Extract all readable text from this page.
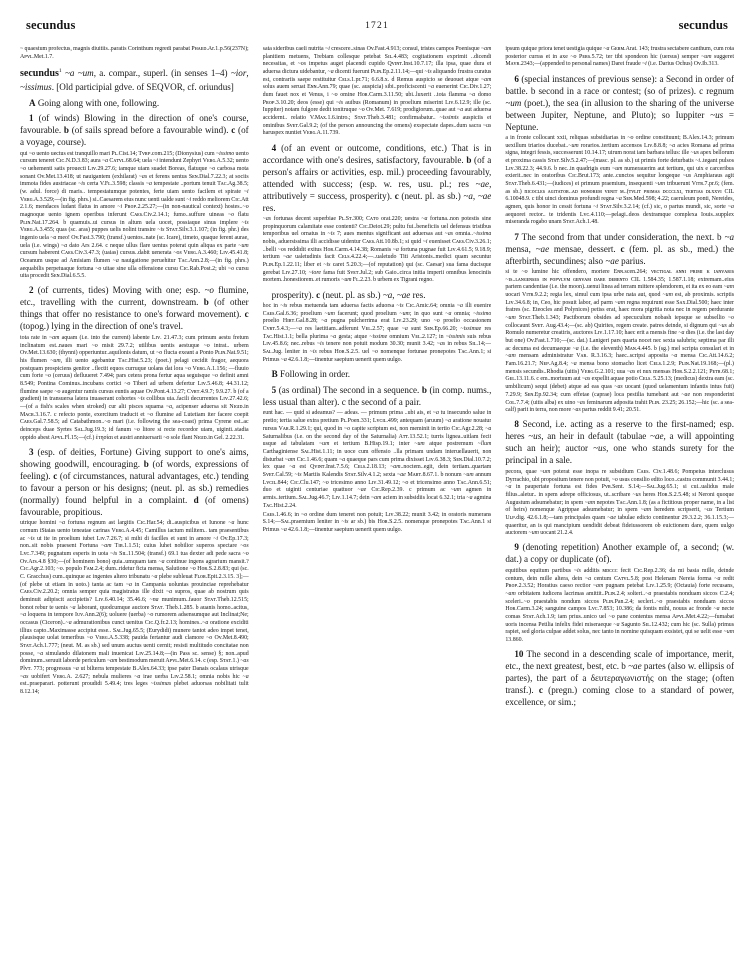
secundus	1721	secundus
~ quaestum profectus, magnis diuitiis..paratis Corinthum regredi parabat Pʜᴀᴇᴅ.Ar.1.p.56(237N); Aᴘᴠʟ.Met.1.7.
secundus$^1$ ~a ~um, a. compar., superl. (in senses 1–4) ~ior, ~issimus. [Old participial gdve. of SEQVOR, cf. oriundus]
A Going along with one, following.
1 (of winds) Blowing in the direction of one's course, favourable. b (of sails spread before a favourable wind). c (of a voyage, course).
qui ~o uento uectus est tranquillo mari Pʟ.Cist.14; Tᴠʀᴘ.com.215; (Dionysius) cum ~issimo uento cursum teneret Cɪᴄ.N.D.3.83; aura ~a Cᴀᴛᴠʟ.68.64; uela ~i intendunt Zephyri Vᴇʀɢ.A.5.32; uento ~o uehementi satis prouecti Lɪᴠ.29.27.6; iamque uiam suadet Boreas, flatuque ~o carbosa mota sonant Ov.Met.13.418; ut nauigantem (exhilarat) ~as et ferens uentus Sᴇɴ.Dial.7.22.3; at sociis immota fides austriacae ~is certa V.Fʟ.3.598; classis ~a tempestate ..portum tenuit Tᴀᴄ.Ag.38.5; (w. adul. force) di maris.. tempestatumque potentes, ferte uiam uento facilem et spirate ~i Vᴇʀɢ.A.3.529;—(in fig. phrs.) si..Caesarem eius nunc uenti ualde sunt ~i reddo meliorem Cɪᴄ.Att 2.1.6; mendaces ludant flatus in amore ~i Pʀᴏᴘ.2.25.27;—(in non-nautical context) hostes..~o magnoque uento ignem operibus inferunt Cᴀᴇs.Civ.2.14.1; fumo..suffure uineas ~o flatu Pʟɪɴ.Nat.17.264. b quamuis..ui cursus in altum uela uocet, possiaque sinus implere ~is Vᴇʀɢ.A.3.455; quas (sc. aras) puppes uelis nolint transire ~is Sᴛᴀᴛ.Silv.3.1.107; (in fig. phr.) des ingenio uela ~a meo! Ov.Fast.3.790; (transf.) uentos..nate (sc. Icare), timeto, quaque ferent aurae, uela (i.e. wings) ~a dato Ars 2.64. c neque ullus flare uentus poterat quin aliqua ex parte ~um cursum haberent Cᴀᴇs.Civ.3.47.3; (uaias) cursus..dabit uenerata ~os Vᴇʀɢ.A.3.460; Lɪᴠ.45.41.8; Oceanum usque ad Amisiam flumen ~a nauigatione peruehitur Tᴀᴄ.Ann.2.8;—(in fig. phrs.) aequabilis perpetuaque fortuna ~o uitae sine ulla offensione cursu Cɪᴄ.Rab.Post.2; ubi ~o cursu uita procedit Sᴇɴ.Dial.6.5.5.
2 (of currents, tides) Moving with one; esp. ~o flumine, etc., travelling with the current, downstream. b (of other things that offer no resistance to one's forward movement). c (topog.) lying in the direction of one's travel.
tota rate in ~am aquam (i.e. into the current) labente Lɪᴠ. 21.47.3; cum primum aestu fretum inclinatum est..naues mari ~o misit 29.7.2; utilibus uentis aestuque ~o intrat.. urbem Ov.Met.13.630; (thynni) opperiuntur..aquilonis datum, ut ~o flucta exeant a Ponto Pʟɪɴ.Nat.9.51; his flumen ~um, illi uento agebantur Tᴀᴄ.Hist.5.23; (poet.) pelagi cecidit fragor, aequora postquam prospiciens genitor ..flectit equos curruque uolans dat lora ~o Vᴇʀɢ.A.1.156; —fluuio cum forte ~o (ceruus) defluueret 7.494; pars cetera prona fertur aqua seguisque ~o definit amni 8.549; Pontina Cominus..incubans cortici ~o Tiberi ad urbem defertur Lɪᴠ.5.46.8; 44.31.12; flumine saepe ~o augentur ramis cursus euntis aquae Ov.Pont.4.13.27; Cᴠʀᴛ.4.9.7; 9.9.27. b (of a gradient) in transuersa latera inuaserant cohortes ~is collibus uia..facili decurrentes Lɪᴠ.27.42.6;—(of a fish's scales when stroked) cur alii pisces squama ~a, acipenser aduersa sit Nɪɢɪᴅ.in Mᴀᴄʀ.3.16.7. c refecto ponte, exercitum traducit et ~o flumine ad Lutetiam iter facere coepit Cᴀᴇs.Gal.7.58.5; ad Catabathmon..~o mari (i.e. following the sea-coast) prima Cyrene est..ac deinceps duae Syrtes Sᴀʟ.Jug.19.3; id fanum ~o litore si recte recordor uiam, uiginti..stadia oppido abest Aᴘᴠʟ.Fl.15;—(cf.) ἑτησίαι et austri anniuersarii ~o sole flant Nɪɢɪᴅ.in Gel. 2.22.31.
3 (esp. of deities, Fortune) Giving support to one's aims, showing goodwill, encouraging. b (of words, expressions of feeling). c (of circumstances, natural advantages, etc.) tending to favour a person or his designs; (neut. pl. as sb.) remedies (normally) found helpful in a complaint. d (of omens) favourable, propitious.
utrique homini ~a fortuna regnum ast largitis Cɪᴄ.Har.54; di..auspicibus et Iunone ~a hunc cornum iStaias uento teneatae carinas Vᴇʀɢ.A.4.45; Camillus iactum militem.. tam praesentibus ac ~is ut ite in proelium iubet Lɪᴠ.7.26.7; si mihi di facilles et sunt in amore ~i Ov.Ep.17.3; non..sit nobis praesent Fortuna ~am Tɪʙ.1.1.51; cuius luhet nobilior superos spectare ~os Lᴠᴄ.7.349; pugnatum esperis in uota ~is Sɪʟ.11.504; (transf.) 69.1 tua dexter adi pede sacra ~o Ov.Ars.4.8 §30;—(of hominem bono) quia..umquam tam ~a continue ingens agrarium mansit.? Cɪᴄ.Agr.2.103; ~o. populo Fᴀᴍ.2.4; dum..ridetur ficta mensa, Salutione ~o Hᴏʀ.S.2.8.83; qui (sc. C. Gracchus) cum..quinque ac ingentes altero tribunatu ~a plebe subleuat Fʟᴏʀ.Epit.2.3.15. 3];—(of plebe ut etiam in uoto.) tanta ac tam ~a in Campania uoluntas prouinciae reprehebatur Cᴀᴇs.Civ.2.20.2; omnia semper quia magistratus ille dixit ~a supros, quae ab nostrum quis deminuit adipiscit accipietis? Lɪᴠ.6.40.14; 35.46.6; ~na munimum..fauor Sᴛᴀᴛ.Theb.12.515; bonot rebur te uenis ~a laborant, quodcumque auctore Sᴛᴀᴛ. Theb.1.285. b auanis homo..acitus, ~a loquens in tempore Iᴜᴠ.Ann.2(6); uoluere (uerba) ~o rumorem adsensumque aut Inclinat;Ne; occasus (Ciceron)..~a admurationibus cunct uenitus Cɪᴄ.Q.fr.2.13; homines..~a oratione exciditi illius capto..Maximasse accipiut esse.. Sᴀʟ.Jug.65.5; (Eurydidi) munere tantot adeo impet tenet, plausisque uolat temeribus ~o Vᴇʀɢ.A.5.338; pauida fertantur audi clamore ~o Ov.Met.8.490; Sᴛᴀᴛ.Ach.1.777; (neut. M. as sb.) sed unum auctus uenti cernit; resisti multitudo concitatae non posse, ~a simulando dilatonem mali inuenicat Lɪᴠ.25.14.8;—(in Pass sc. sense) §; non..apud dominum..seruuit laborde periculum ~am bestimodum meruit Aᴘᴠʟ.Met.6.14. c (esp. Sᴛᴀᴛ.1.) ~as Plᴠᴛ. 773; progressus ~a ut bilterra tempestate B.Alex.64.33; ipse pater Danais ocalaus utrisque ~as uobifert Vᴇʀɢ.A. 2.627; nebula mulieres ~a irae uerba Lɪᴠ.2.58.1; omnia nobis hic ~a est..praeparari. potterunt proudidi 5.49.4; tres leges ~issimas plebei aduorsas nobilitati tulit 8.12.14;
sata sideribus caeli nutrita ~i crescere..sinas Ov.Fast.4.913; consul, tristes campos Poenisque ~am planitiem metuens, Trebiam collesque petebat Sɪʟ.4.483; cogitationem exprimit ..dicendi necessitas, et ~os impetus auget placendi cupido Qᴠɪɴᴛ.Inst.10.7.17; illa ipsa, quae dura et aduersa dictura uidebantur, ~a dicenti fuerunt Pʟɪɴ.Ep.2.11.14;—qui ~is aliquando frustra curatus est, contrariis saepe restituitur Cᴇʟs.1.pr.71; 6.6.8.x. d Remus auspicio se deuouet atque ~am solus auem seruat Eɴɴ.Ann.79; quae (sc. auspicia) sibi..proficiscenti ~a euenerint Cɪᴄ.Div.1.27; dum fauet nox et Venus, i ~o omine Hᴏʀ.Carm.3.11.50; ubi..luxerit ..tota flamma ~a domo Pʀᴏᴘ.3.10.20; deos (esse) qui ~is auibus (Romanum) in proelium miserint Lɪᴠ.6.12.9; ille (sc. Iuppiter) notam fulgore dedit tonitruque ~o Ov.Met. 7.619; prodigiorum..quae aut ~a aut aduersa accidernt.. relatio V.Mᴀx.1.6.intro.; Sᴛᴀᴛ.Theb.3.481; confirmabatur.. ~issimis auspiciis et ominibus Sᴠᴇᴛ.Gal.9.2; (of the person announcing the omens) exspectate dapes..dum sacra ~us haruspex nuntiet Vᴇʀɢ.A.11.739.
4 (of an event or outcome, conditions, etc.) That is in accordance with one's desires, satisfactory, favourable. b (of a person's affairs or activities, esp. mil.) proceeding favourably, attended with success; (esp. w. res, usu. pl.; res ~ae, attributively = success, prosperity). c (neut. pl. as sb.) ~a, ~ae res.
~as fortunas decent superbiae Pʟ.Sᴛ.300; Cᴀᴛᴏ orat.220; uestra ~a fortuna..non potestis sine propinquorum calamitate esse contenti? Cɪᴄ.Deiot.29; pultu fui..beneficiis uel defensus tristibus temporibus uel ornatus in ~is 7; aues mentus significant aut aduersas aut ~as omnia..~issima nobis, aduersissima illi accidisse uidentur Cᴀᴇs.Att.10.8b.1; si quid ~i euenisset Cᴀᴇs.Civ.3.26.1; ..belli ~os reddidit exitus Hᴏʀ.Carm.4.14.38; Romanis ~a fortuna pugnae fuit Lɪᴠ.4.61.5; 9.18.9; tertium ~ae ualetudinis facit Cᴇʟs.4.22.4;—..ualetudo Titi Aristonis..medici quam secuntur Pʟɪɴ.Ep.1.22.11; liber et ~is caret 5.20.3;—(of reputation) qui (sc. Caesar) sua fama ducisque gerebat Lɪᴠ.27.10; ~iore fama fuit Sᴠᴇᴛ.Jul.2; sub Gaio..circa initia imperii omnibus lenociniis mortem..honestiorem..et rumoris ~um Fʟ.2.23. b urbem ex Tigrani regno.
prosperity). c (neut. pl. as sb.) ~a, ~ae res.
hoc in ~is rebus metuenda tam aduersa factis aduorsa ~is Cɪᴄ.Amic.64; omnia ~a illi euenire Cᴀᴇs.Gal.6.36; proelium ~um facerunt; quod proelium ~um; in quo sunt ~a omnia; ~issimo proelio Hɪʀᴛ.Gal.8.28; ~a pugna pulcherrima erat Lɪᴠ.23.29; uno ~o proelio occasionem Cᴠʀᴛ.5.4.3;—~a res laetitiam..adferunt Vᴇʟ.2.57; quae ~a sunt Sᴇɴ.Ep.66.20; ~issimae res Tᴀᴄ.Hist.1.1; bella plurima ~a gesta; atque ~issime omnium Vᴇʟ.2.127; in ~issimis suis rebus Lɪᴠ.45.8.6; nec..rebus ~is tenere non potuit modum 30.30; munit 3.42; ~as in rebus Sɪʟ.14;—Sᴀʟ.Jug. leniter in ~is rebus Hᴏʀ.S.2.5. uel ~o nomenque fortunae pronepotes Tᴀᴄ.Ann.1; si Primus ~a 42.6.1.8;—tinentur saepium uenerit quem uulgo.
B Following in order.
5 (as ordinal) The second in a sequence. b (in comp. nums., less usual than alter). c the second of a pair.
eunt hac. — quid si adeamus? — adeas. — primum prima ..ubi ais, et ~a tu insecundo salue in pretio; tertia salue extra pretium Pʟ.Poen.331; Lᴠᴄɪʟ.499; antequam (aruum) ~a aratione nouatur rursus Vᴀʀ.R.1.29.1; qui, quod in ~o capite scriptum est, non meminit in tertio Cɪᴄ.Agr.2.28; ~a Saturnalibus (i.e. on the second day of the Saturnalia) Aᴛᴛ.13.52.1; turris lignea..uitlam fecit usque ad tabulatam ~um et tertium B.Hisp.19.1; inter ~um atque postremum ~llum Carthaginiense Sᴀʟ.Hist.1.11; in uoce cum offensio ..lla primam undam interuellauerit, non disturbat ~am Cɪᴄ.1.46.6; quam ~a quaeque pars cum prima dixisset Lɪᴠ.6.38.3; Sᴇɴ.Dial.10.7.2; lex quae ~a est Qᴠɪɴᴛ.Inst.7.5.6; Cᴇʟs.2.18.13; ~am..noctem..egit, dein tertiam..quartam Sᴠᴇᴛ.Cal.59; ~is Martiis Kalendis Sᴛᴀᴛ.Silv.4.1.2; sexta ~ae Mᴀʀᴛ.8.67.1. b nonum ~um annum Lᴠᴄɪʟ.844; Cɪᴄ.Clu.147; ~o tricesimo anno Lɪᴠ.31.49.12; ~o et tricensimo anno Tᴀᴄ.Ann.6.51; duo et uiginti centuriae quattuor ~ae Cɪᴄ.Rep.2.39. c primum ac ~um agmen in armis..tertium..Sᴀʟ.Jug.46.7; Lɪᴠ.1.14.7; dein ~am aciem in subsidiis locat 6.32.1; tria ~a agmina Tᴀᴄ.Hist.2.24.
Cᴀᴇs.1.46.6; in ~o ordine dum teneret non potuit; Lɪᴠ.38.22; munit 3.42; in oratoris numerans S.14;—Sᴀʟ.praemium leniter in ~is ar sb.) bis Hᴏʀ.S.2.5. nomenque pronepotes Tᴀᴄ.Ann.1 si Primus ~a 42.6.1.8;—tinentur saepium uenerit quem uulgo.
ipsum quique priora tenet uestigia quique ~a Gᴇʀᴍ.Arat. 143; frustra sectabere canthum, cum rota posterior curras et in axe ~o Pᴇʀs.5.72; ter tibi spondeon hic (uersus) semper ~um suggeret Mᴀᴠʀ.2343;—(appended to personal names) Darei fraude ~i (i.e. Darius Ochus) Ov.Ib.313.
6 (special instances of previous sense): a Second in order of battle. b second in a race or contest; (so of prizes). c regnum ~um (poet.), the sea (in allusion to the sharing of the universe between Jupiter, Neptune, and Pluto); so Iuppiter ~us = Neptune.
a in fronte collocant xxii, reliquas subsidiarias in ~o ordine constituunt; B.Alex.14.3; primum uexillum triarios ducebat..~um rorarios..tertium accensos Lɪᴠ.8.8.8; ~a acies Romana ad prima signa, integri fessis, successerunt 10.14.17; uirum norat iam barbara tellus: ille ~us apex bellorum et proxima cassis Sᴛᴀᴛ.Silv.5.2.47;—(masc. pl. as sb.) ut primis forte deturbatis ~i..tegant pulsos Lɪᴠ.38.22.3; 44.9.6. b nec..in quadrigis eum ~um numerauerim aut tertium, qui uix e carceribus exierit..nec in oratoribus Cɪᴄ.Brut.173; ante..cunctos sequitur longeque ~us Amphiaraus agit Sᴛᴀᴛ.Theb.6.431;—(iudices) ei primum praemium, insequenti ~um tribuerunt Vɪᴛʀ.7.pr.6; (fem. as sb.) nɪᴄᴏᴄʟᴇs ᴀɢɪᴛᴀᴛᴏʀ..ᴀᴅ ʜᴏɴᴏʀᴇᴍ ᴠᴇɴɪᴛ ᴍ..(ᴛᴠʟɪᴛ ᴘʀɪᴍᴀs ᴅᴄᴄᴄʟxɪ, ᴛᴇʀᴛɪᴀs ᴅʟxxᴠɪ CIL 6.10048.9. c tibi uinci dominus profundi regna ~a Sᴇɴ.Med.598; 4.22; caeruleum ponti, Nereides, agmen, quis honor in cessit fortuna ~i Sᴛᴀᴛ.Silv.3.2.14; (cf.) sic, o partus mundi, sic, sorte ~a aequorei rector.. te tridentis Lᴠᴄ.4.110;—pelagi..deos dextramque complexa Iouis..supplex miseranda rogabo unam Sᴛᴀᴛ.Ach.1.48.
7 The second from that under consideration, the next. b ~a mensa, ~ae mensae, dessert. c (fem. pl. as sb., med.) the afterbirth, secundines; also ~ae parius.
si te ~o lumine hic offendero, moriere Eɴɴ.scen.264; ᴠᴇᴄᴛɪɢᴀʟ ᴀɴɴɪ ᴘʀɪᴍɪ ᴋ ɪᴀɴᴠᴀʀɪs ~ɪs..ʟᴀɴɢᴇɴsᴇs ɪɴ ᴘᴏᴘᴠʟᴠᴍ ɢᴇɴᴠᴀᴍ ᴅᴀʀᴇ ᴅᴇʙᴇɴᴛᴏ CIL 1.584.35; 1.587.1.18; extremam..eius partem candentiae (i.e. the moon)..uenui linea ad terram mittere splendorem, et ita ex eo eam ~am uocari Vɪᴛʀ.9.2.2; regia lex, simul cum ipsa urbe nata aut, quod ~um est, ab proximis. scriptis Lɪᴠ.34.6.8; in, Ceo, hic posuit labor, ad parm ~am regna requirunt esse Sᴀx.Dial.500; haec inter fratres (sc. Eteocles and Polynices) petiss erat, haec mora pigritia nota nec in regem perdurante ~um Sᴛᴀᴛ.Theb.1.343; Pactiborum obsides ad specuculum nobash iepsque se subsellio ~o collocaunt Sᴠᴇᴛ. Aug.43.4;—(sc. ab) Quirites, regem create. patres deinde, si dignum qui ~us ab Romulo numeretur creatiris, auctores Lɪᴠ.1.17.10; haec erit a mensis fine ~a dies (i.e. the last day but one) Ov.Fast.1.710;—(sc. dat.) Lanigeri pars quarta nocet nec sexta salubris; septima par illi ac decuma est decumaeque ~a (i.e. the eleventh) Mᴀɴ.4.445. b (sg.) mel scripta consulari et in ~am mensam administratur Vᴀʀ. R.3.16.3; haec..scripsi apposita ~a mensa Cɪᴄ.Att.14.6.2; Fam.16.21.7; Nᴇᴘ.Ag.8.4; ~a mensa bono stomacho licet Cᴇʟs.1.2.9; Pʟɪɴ.Nat.19.168;—(pl.) mensis secundis..Rhodia (uitis) Vᴇʀɢ.G.2.101; uua ~as et nux mensas Hᴏʀ.S.2.2.121; Pᴇᴛʀ.68.1; Gᴇʟ.13.11.6. c em..mortuum aut ~as expellit aquae potio Cᴇʟs. 5.25.13; (medicus) dextra eam (sc. umbilicum) sequi (debet) atque ad eas quas ~as uocant (quod uelamentum infantis intus fuit) 7.29.9; Sᴇɴ.Ep.92.34; cum effetae (caprae) loca pestilia tumebant aut ~ae non responderint Cᴏʟ.7.7.4; (uitis alba) ex uino ~as feminarum adposita trahit Pʟɪɴ. 23.25; 26.152;—hic (sc. a sea-calf) parit in terra, non more ~as partus reddit 9.41; 20.51.
8 Second, i.e. acting as a reserve to the first-named; esp. heres ~us, an heir in default (tabulae ~ae, a will appointing such an heir); auctor ~us, one who stands surety for the principal in a sale.
pecora, quae ~um poterat esse inopa re subsidium Cᴀᴇs. Civ.1.48.6; Pompeius interclusus Dyrrachio, ubi propositum tenere non potuit, ~o usus consilio edito loco..castra communit 3.44.1; ~a in paupertate fortuna est fides Pᴠʙ.Sent. S.14;—Sᴀʟ.Jug.65.1; si cui..ualidus male filius..aletur.. in spem adrepe officiosus, ut..scribare ~us heres Hᴏʀ.S.2.5.48; si Neroni quoque Augustum adsumebatur; in spem ~am nepotes Tᴀᴄ.Ann.1.8; (as a fictitious proper name, in a list of heirs) nomenque Agrippae adsumebatur; in spem ~am heredem scripserit, ~us Tertium Uʟᴘ.dig. 42.6.1.8;—tam principales quam ~ae tabulae edicto continentur 29.3.2.2; 36.1.15.3;—quaeritur, an is qui mancipium uendidit debeat fideiussorem ob euictionem dare, quem uulgo auctorem ~um uocant 21.2.4.
9 (denoting repetition) Another example of, a second; (w. dat.) a copy or duplicate (of).
equitibus equitum partibus ~is additis ᴍᴅᴄᴄᴄ fecit Cɪᴄ.Rep.2.36; da mi basia mille, deinde centum, dein mille altera, dein ~a centum Cᴀᴛᴠʟ.5.8; post Helenam Nereia forma ~a redit Pʀᴏᴘ.2.3.52; Horatius caeso rectior ~am pugnam petebat Lɪᴠ.1.25.9; (Octauia) forte recusans, ~am orbitatem iudicens lacrimas amittit..Pʟɪɴ.2.4; solteri..~a praestabis nonduam siccos C.2.4; sceleri..~o praestabis nondum siccos Pʟɪɴ.Pan.2.4; secleri..~o praestabis nonduam siccos Hᴏʀ.Carm.3.24; sanguine campos Lᴠᴄ.7.853; 10.386; da fontis mihi, nouus ac fronde ~a necte comas Sᴛᴀᴛ.Ach.1.9; iam prius..unico uel ~o pane contentus mensa Aᴘᴠʟ.Met.4.22;—fumabat uoris incensa Petilia infelix fidei miseraeque ~a Sagunto Sɪʟ.12.432; cum hic (sc. Sulla) primus rapiet, sed gloria culpae addet solus, nec tanto in nomine quisquam exsistet, qui se uelit esse ~um 13.860.
10 The second in a descending scale of importance, merit, etc., the next greatest, best, etc. b ~ae partes (also w. ellipsis of partes), the part of a δευτεραγωνιστής on the stage; (often transf.). c (pregn.) coming close to a standard of power, excellence, or sim.;
